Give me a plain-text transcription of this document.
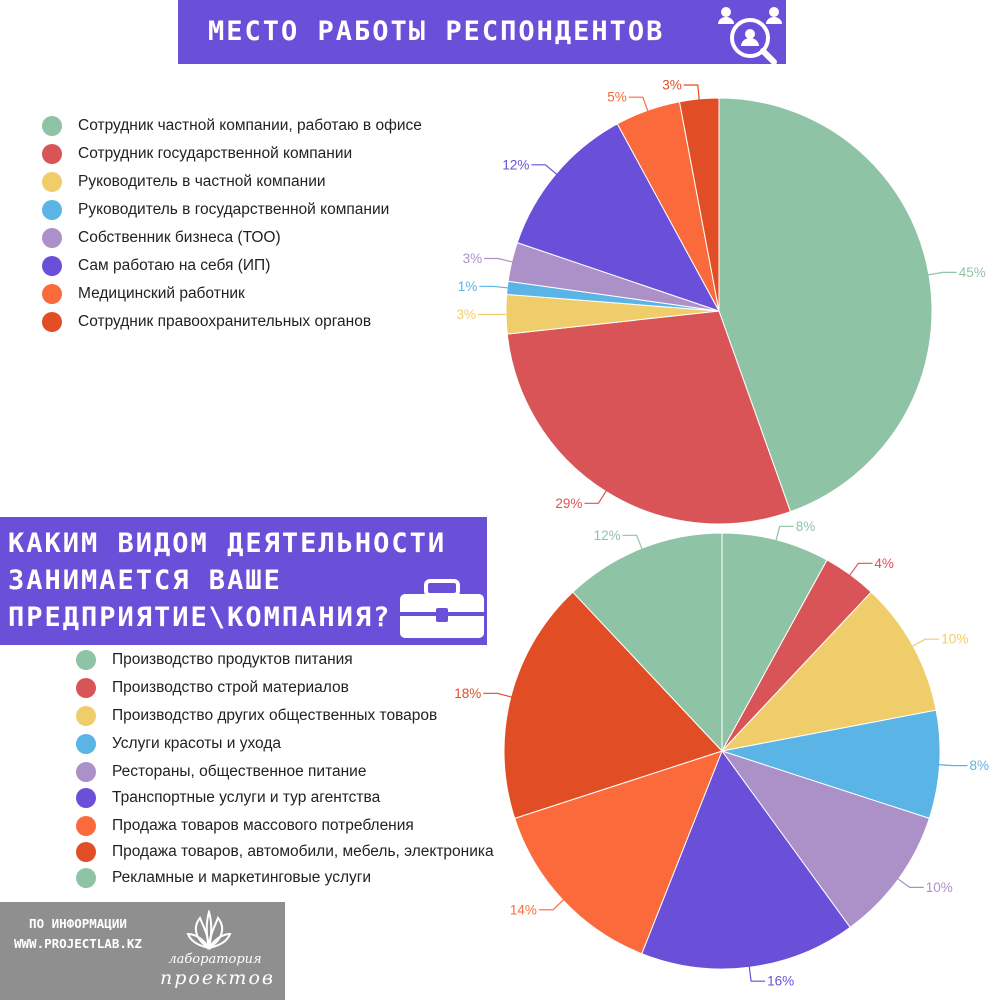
МЕСТО РАБОТЫ РЕСПОНДЕНТОВ
КАКИМ ВИДОМ ДЕЯТЕЛЬНОСТИ
ЗАНИМАЕТСЯ ВАШЕ
ПРЕДПРИЯТИЕ\КОМПАНИЯ?
Сотрудник частной компании, работаю в офисе
Сотрудник государственной компании
Руководитель в частной компании
Руководитель в государственной компании
Собственник бизнеса (ТОО)
Сам работаю на себя (ИП)
Медицинский работник
Сотрудник правоохранительных органов
Производство продуктов питания
Производство строй материалов
Производство других общественных товаров
Услуги красоты и ухода
Рестораны, общественное питание
Транспортные услуги и тур агентства
Продажа товаров массового потребления
Продажа товаров, автомобили, мебель, электроника
Рекламные и маркетинговые услуги
45%
29%
3%
1%
3%
12%
5%
3%
8%
4%
10%
8%
10%
16%
14%
18%
12%
ПО ИНФОРМАЦИИ
WWW.PROJECTLAB.KZ
лаборатория
проектов
